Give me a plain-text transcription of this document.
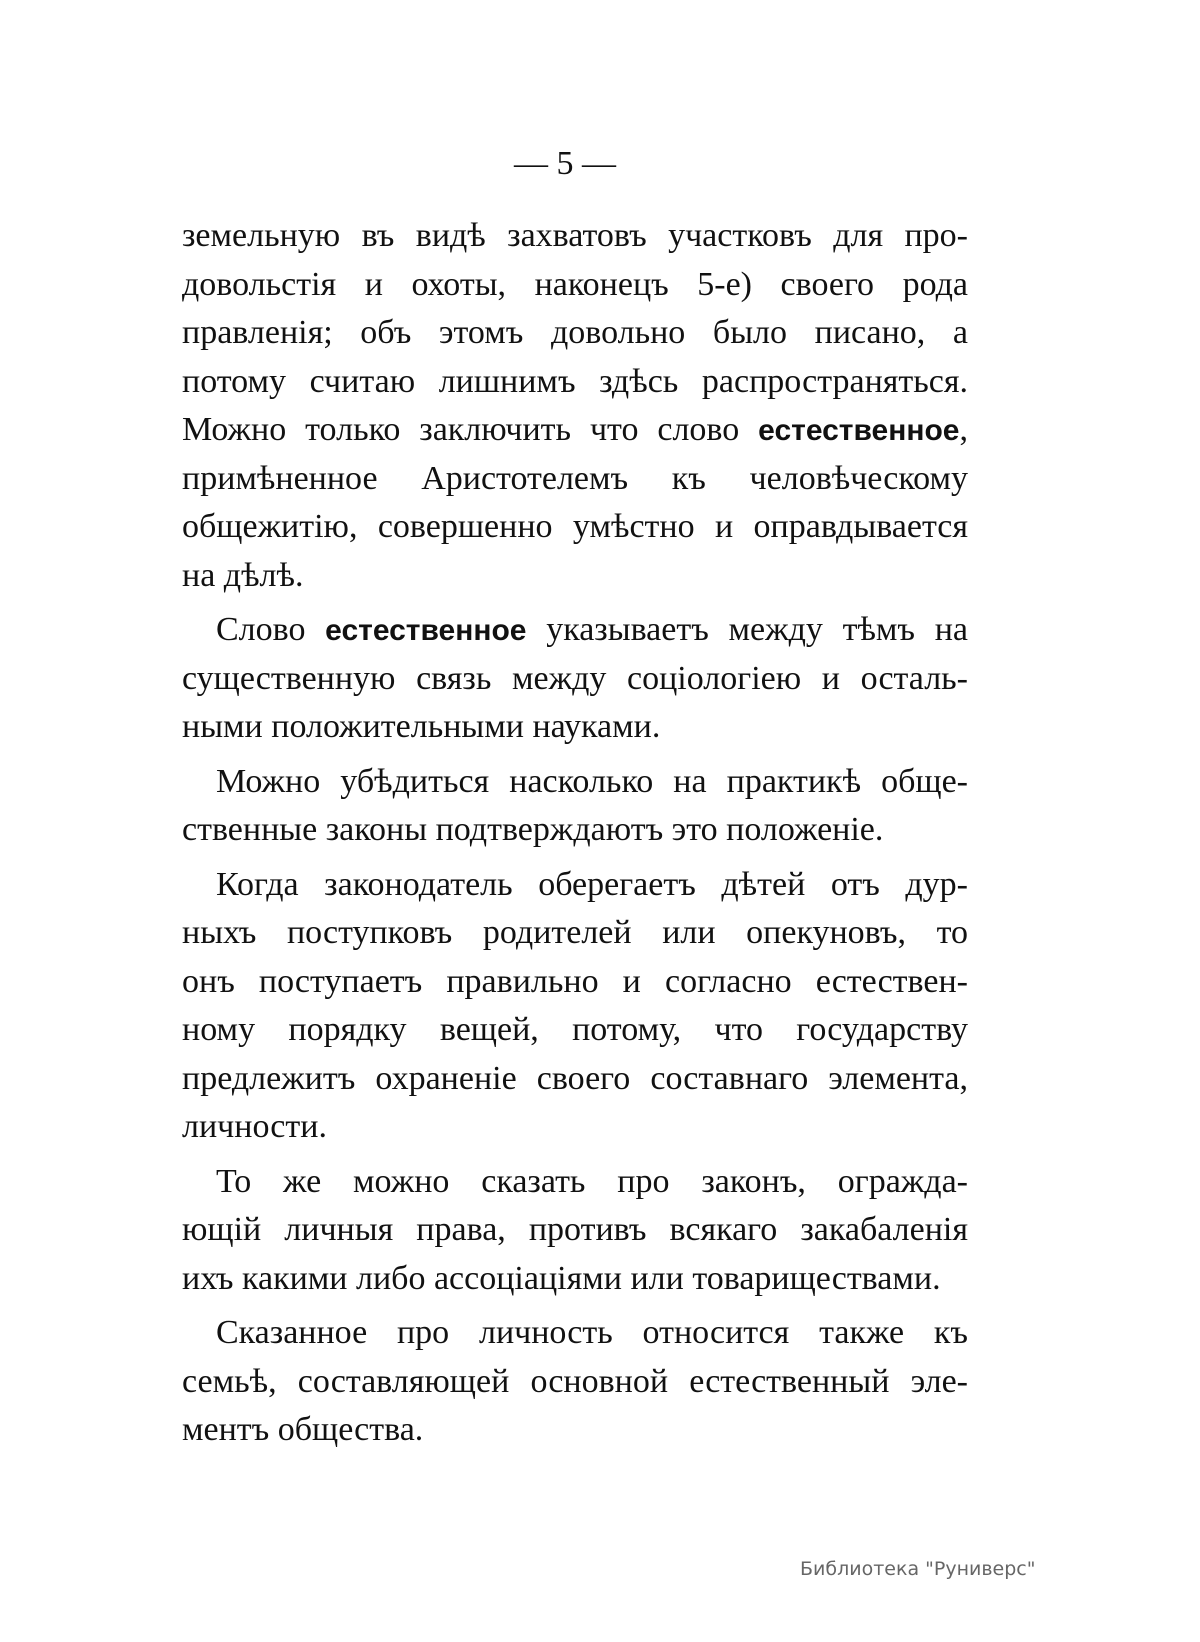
— 5 —
земельную въ видѣ захватовъ участковъ для про-
довольстія и охоты, наконецъ 5-е) своего рода
правленія; объ этомъ довольно было писано, а
потому считаю лишнимъ здѣсь распространяться.
Можно только заключить что слово естественное,
примѣненное Аристотелемъ къ человѣческому
общежитію, совершенно умѣстно и оправдывается
на дѣлѣ.
Слово естественное указываетъ между тѣмъ на
существенную связь между соціологіею и осталь-
ными положительными науками.
Можно убѣдиться насколько на практикѣ обще-
ственные законы подтверждаютъ это положеніе.
Когда законодатель оберегаетъ дѣтей отъ дур-
ныхъ поступковъ родителей или опекуновъ, то
онъ поступаетъ правильно и согласно естествен-
ному порядку вещей, потому, что государству
предлежитъ охраненіе своего составнаго элемента,
личности.
То же можно сказать про законъ, огражда-
ющій личныя права, противъ всякаго закабаленія
ихъ какими либо ассоціаціями или товариществами.
Сказанное про личность относится также къ
семьѣ, составляющей основной естественный эле-
ментъ общества.
Библиотека "Руниверс"
